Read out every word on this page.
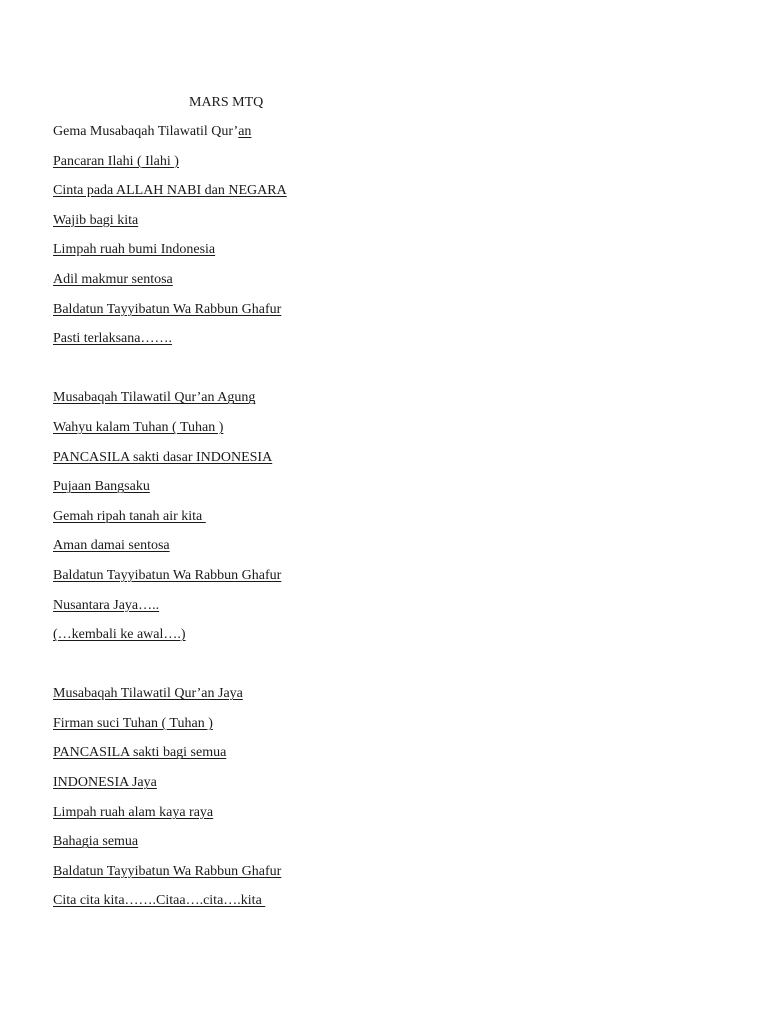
MARS MTQ
Gema Musabaqah Tilawatil Qur’an
Pancaran Ilahi ( Ilahi )
Cinta pada ALLAH NABI dan NEGARA
Wajib bagi kita
Limpah ruah bumi Indonesia
Adil makmur sentosa
Baldatun Tayyibatun Wa Rabbun Ghafur
Pasti terlaksana…….
Musabaqah Tilawatil Qur’an Agung
Wahyu kalam Tuhan ( Tuhan )
PANCASILA sakti dasar INDONESIA
Pujaan Bangsaku
Gemah ripah tanah air kita
Aman damai sentosa
Baldatun Tayyibatun Wa Rabbun Ghafur
Nusantara Jaya…..
(…kembali ke awal….)
Musabaqah Tilawatil Qur’an Jaya
Firman suci Tuhan ( Tuhan )
PANCASILA sakti bagi semua
INDONESIA Jaya
Limpah ruah alam kaya raya
Bahagia semua
Baldatun Tayyibatun Wa Rabbun Ghafur
Cita cita kita…….Citaa….cita….kita
